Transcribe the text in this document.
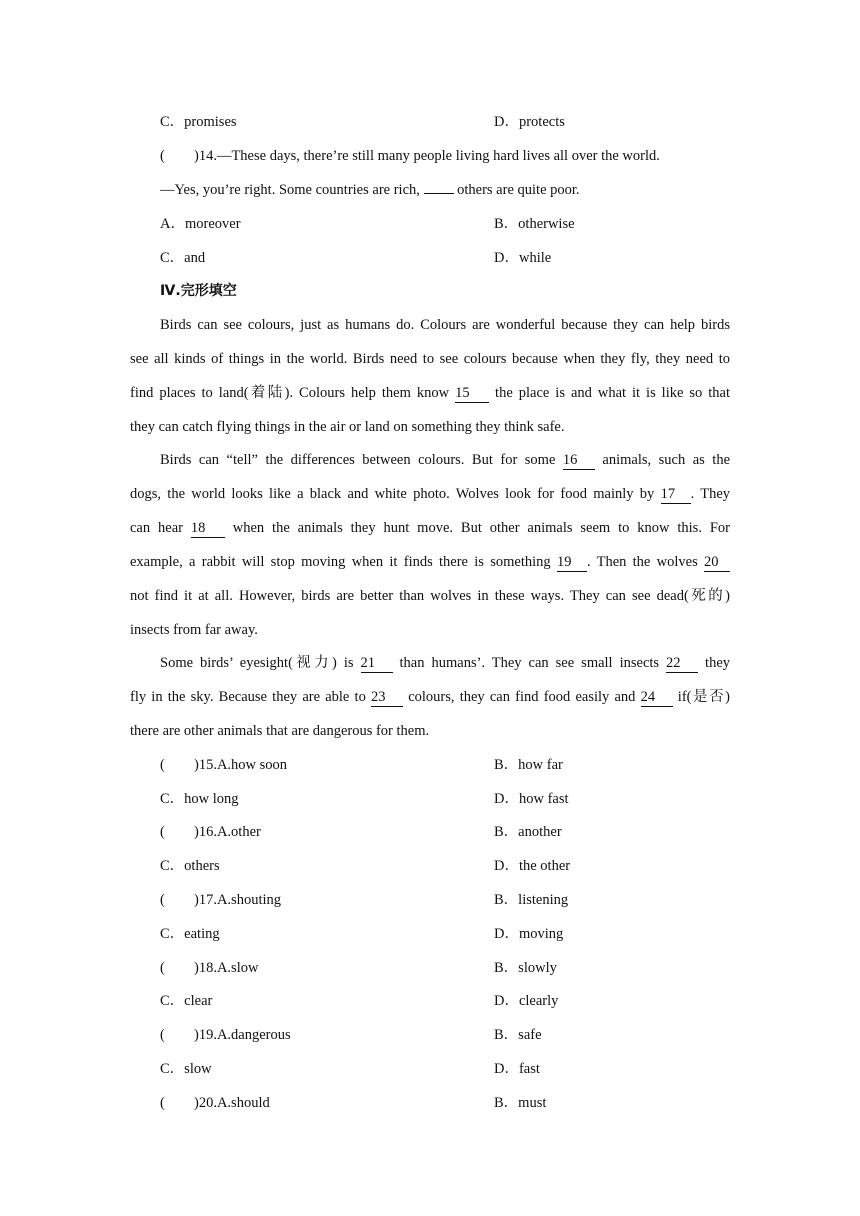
C．promises	D．protects
( )14.—These days, there’re still many people living hard lives all over the world.
—Yes, you’re right. Some countries are rich,	others are quite poor.
A．moreover	B．otherwise
C．and	D．while
Ⅳ.完形填空
Birds can see colours, just as humans do. Colours are wonderful because they can help birds
see all kinds of things in the world. Birds need to see colours because when they fly, they need to
find places to land(着陆). Colours help them know 15 the place is and what it is like so that
they can catch flying things in the air or land on something they think safe.
Birds can “tell” the differences between colours. But for some 16 animals, such as the
dogs, the world looks like a black and white photo. Wolves look for food mainly by 17 . They
can hear 18 when the animals they hunt move. But other animals seem to know this. For
example, a rabbit will stop moving when it finds there is something 19 . Then the wolves 20
not find it at all. However, birds are better than wolves in these ways. They can see dead(死的)
insects from far away.
Some birds’ eyesight(视力) is 21 than humans’. They can see small insects 22 they
fly in the sky. Because they are able to 23 colours, they can find food easily and 24 if(是否)
there are other animals that are dangerous for them.
( )15.A.how soon	B．how far
C．how long	D．how fast
( )16.A.other	B．another
C．others	D．the other
( )17.A.shouting	B．listening
C．eating	D．moving
( )18.A.slow	B．slowly
C．clear	D．clearly
( )19.A.dangerous	B．safe
C．slow	D．fast
( )20.A.should	B．must
